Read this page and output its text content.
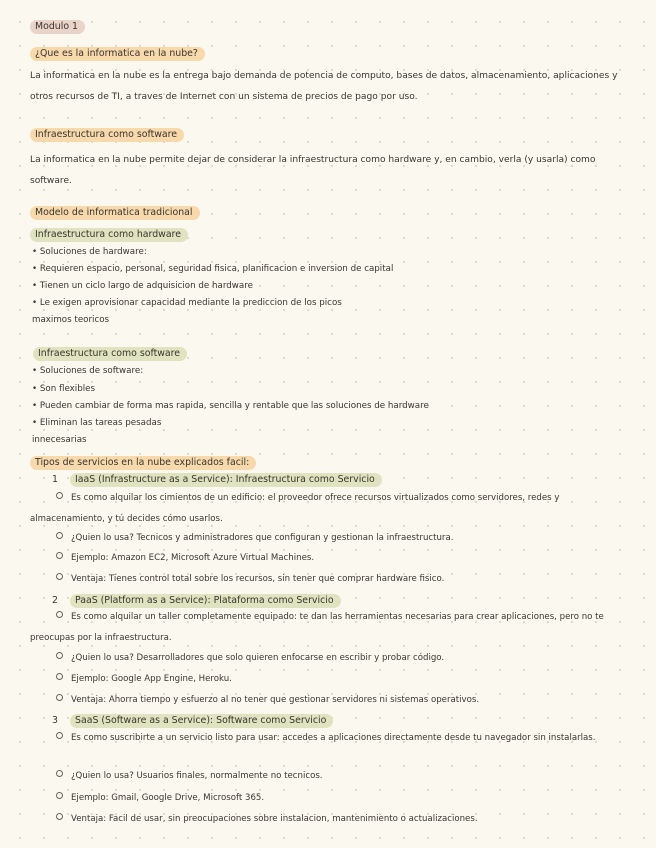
Modulo 1
¿Que es la informatica en la nube?
La informatica en la nube es la entrega bajo demanda de potencia de computo, bases de datos, almacenamiento, aplicaciones y otros recursos de TI, a traves de Internet con un sistema de precios de pago por uso.
Infraestructura como software
La informatica en la nube permite dejar de considerar la infraestructura como hardware y, en cambio, verla (y usarla) como software.
Modelo de informatica tradicional
Infraestructura como hardware
• Soluciones de hardware:
• Requieren espacio, personal, seguridad fisica, planificacion e inversion de capital
• Tienen un ciclo largo de adquisicion de hardware
• Le exigen aprovisionar capacidad mediante la prediccion de los picos
maximos teoricos
Infraestructura como software
• Soluciones de software:
• Son flexibles
• Pueden cambiar de forma mas rapida, sencilla y rentable que las soluciones de hardware
• Eliminan las tareas pesadas
innecesarias
Tipos de servicios en la nube explicados facil:
1 IaaS (Infrastructure as a Service): Infraestructura como Servicio
Es como alquilar los cimientos de un edificio: el proveedor ofrece recursos virtualizados como servidores, redes y almacenamiento, y tú decides cómo usarlos.
¿Quien lo usa? Tecnicos y administradores que configuran y gestionan la infraestructura.
Ejemplo: Amazon EC2, Microsoft Azure Virtual Machines.
Ventaja: Tienes control total sobre los recursos, sin tener que comprar hardware fisico.
2 PaaS (Platform as a Service): Plataforma como Servicio
Es como alquilar un taller completamente equipado: te dan las herramientas necesarias para crear aplicaciones, pero no te preocupas por la infraestructura.
¿Quien lo usa? Desarrolladores que solo quieren enfocarse en escribir y probar código.
Ejemplo: Google App Engine, Heroku.
Ventaja: Ahorra tiempo y esfuerzo al no tener que gestionar servidores ni sistemas operativos.
3 SaaS (Software as a Service): Software como Servicio
Es como suscribirte a un servicio listo para usar: accedes a aplicaciones directamente desde tu navegador sin instalarlas.
¿Quien lo usa? Usuarios finales, normalmente no tecnicos.
Ejemplo: Gmail, Google Drive, Microsoft 365.
Ventaja: Facil de usar, sin preocupaciones sobre instalacion, mantenimiento o actualizaciones.
